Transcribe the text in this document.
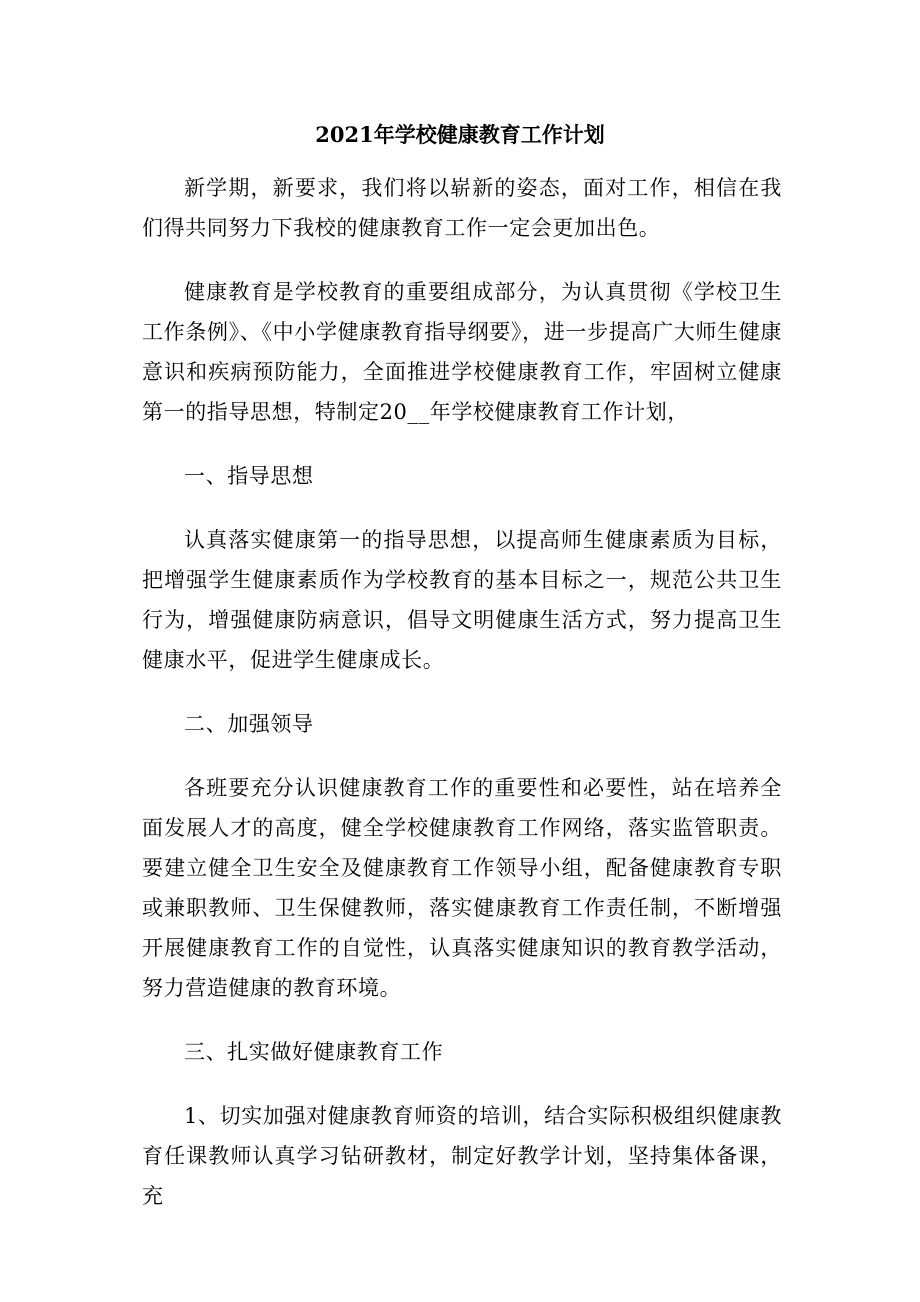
2021年学校健康教育工作计划

新学期，新要求，我们将以崭新的姿态，面对工作，相信在我们得共同努力下我校的健康教育工作一定会更加出色。

健康教育是学校教育的重要组成部分，为认真贯彻《学校卫生工作条例》、《中小学健康教育指导纲要》，进一步提高广大师生健康意识和疾病预防能力，全面推进学校健康教育工作，牢固树立健康第一的指导思想，特制定20__年学校健康教育工作计划，

一、指导思想

认真落实健康第一的指导思想，以提高师生健康素质为目标，把增强学生健康素质作为学校教育的基本目标之一，规范公共卫生行为，增强健康防病意识，倡导文明健康生活方式，努力提高卫生健康水平，促进学生健康成长。

二、加强领导

各班要充分认识健康教育工作的重要性和必要性，站在培养全面发展人才的高度，健全学校健康教育工作网络，落实监管职责。要建立健全卫生安全及健康教育工作领导小组，配备健康教育专职或兼职教师、卫生保健教师，落实健康教育工作责任制，不断增强开展健康教育工作的自觉性，认真落实健康知识的教育教学活动，努力营造健康的教育环境。

三、扎实做好健康教育工作

1、切实加强对健康教育师资的培训，结合实际积极组织健康教育任课教师认真学习钻研教材，制定好教学计划，坚持集体备课，充
